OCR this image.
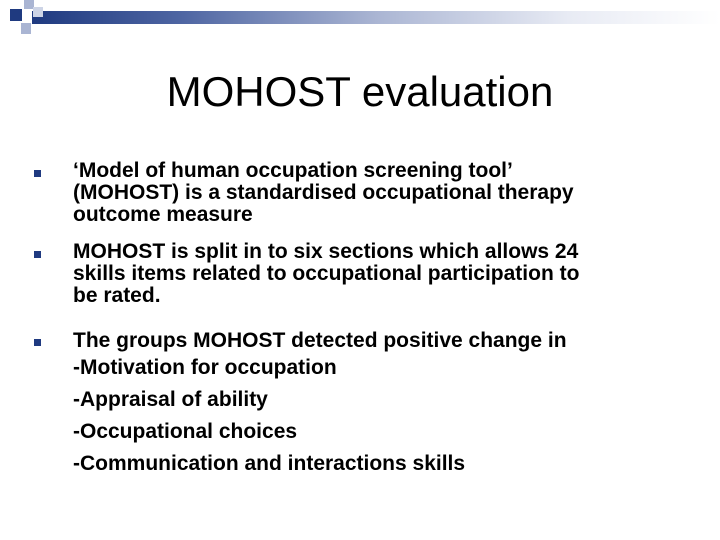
MOHOST evaluation
‘Model of human occupation screening tool’
(MOHOST) is a standardised occupational therapy
outcome measure
MOHOST is split in to six sections which allows 24
skills items related to occupational participation to
be rated.
The groups MOHOST detected positive change in
-Motivation for occupation
-Appraisal of ability
-Occupational choices
-Communication and interactions skills
